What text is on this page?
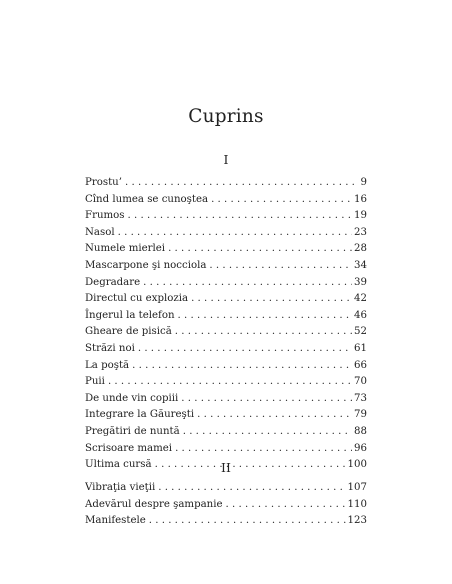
Cuprins
I
Prostu’ . . .	9
Cînd lumea se cunoştea . . .	16
Frumos . . .	19
Nasol . . .	23
Numele mierlei . . .	28
Mascarpone şi nocciola . . .	34
Degradare . . .	39
Directul cu explozia . . .	42
Îngerul la telefon . . .	46
Gheare de pisică . . .	52
Străzi noi . . .	61
La poştă . . .	66
Puii . . .	70
De unde vin copiii . . .	73
Integrare la Găureşti . . .	79
Pregătiri de nuntă . . .	88
Scrisoare mamei . . .	96
Ultima cursă . . .	100
II
Vibraţia vieţii . . .	107
Adevărul despre şampanie . . .	110
Manifestele . . .	123
